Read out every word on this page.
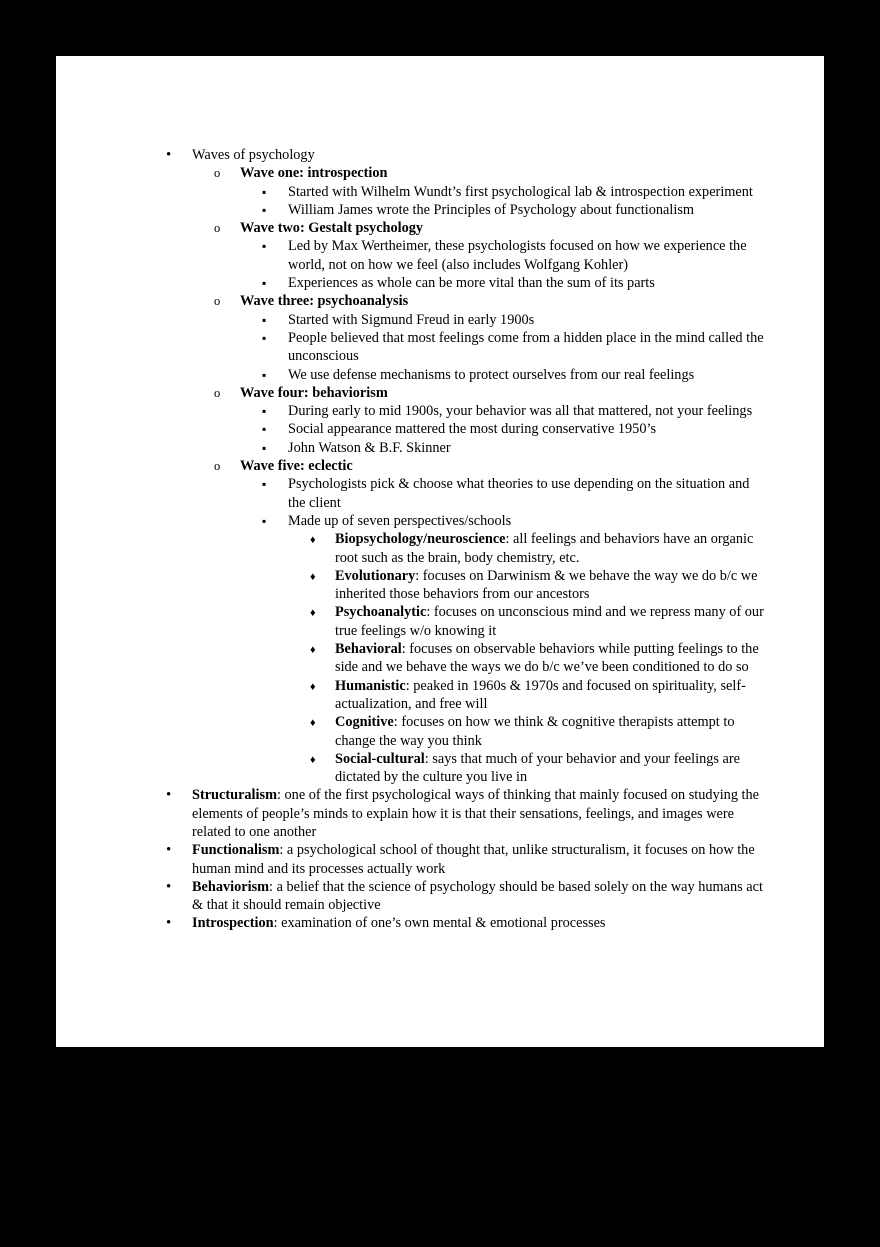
•
Waves of psychology
o
Wave one: introspection
▪
Started with Wilhelm Wundt’s first psychological lab & introspection experiment
▪
William James wrote the Principles of Psychology about functionalism
o
Wave two: Gestalt psychology
▪
Led by Max Wertheimer, these psychologists focused on how we experience the world, not on how we feel (also includes Wolfgang Kohler)
▪
Experiences as whole can be more vital than the sum of its parts
o
Wave three: psychoanalysis
▪
Started with Sigmund Freud in early 1900s
▪
People believed that most feelings come from a hidden place in the mind called the unconscious
▪
We use defense mechanisms to protect ourselves from our real feelings
o
Wave four: behaviorism
▪
During early to mid 1900s, your behavior was all that mattered, not your feelings
▪
Social appearance mattered the most during conservative 1950’s
▪
John Watson & B.F. Skinner
o
Wave five: eclectic
▪
Psychologists pick & choose what theories to use depending on the situation and the client
▪
Made up of seven perspectives/schools
♦
Biopsychology/neuroscience: all feelings and behaviors have an organic root such as the brain, body chemistry, etc.
♦
Evolutionary: focuses on Darwinism & we behave the way we do b/c we inherited those behaviors from our ancestors
♦
Psychoanalytic: focuses on unconscious mind and we repress many of our true feelings w/o knowing it
♦
Behavioral: focuses on observable behaviors while putting feelings to the side and we behave the ways we do b/c we’ve been conditioned to do so
♦
Humanistic: peaked in 1960s & 1970s and focused on spirituality, self-actualization, and free will
♦
Cognitive: focuses on how we think & cognitive therapists attempt to change the way you think
♦
Social-cultural: says that much of your behavior and your feelings are dictated by the culture you live in
•
Structuralism: one of the first psychological ways of thinking that mainly focused on studying the elements of people’s minds to explain how it is that their sensations, feelings, and images were related to one another
•
Functionalism: a psychological school of thought that, unlike structuralism, it focuses on how the human mind and its processes actually work
•
Behaviorism: a belief that the science of psychology should be based solely on the way humans act & that it should remain objective
•
Introspection: examination of one’s own mental & emotional processes
